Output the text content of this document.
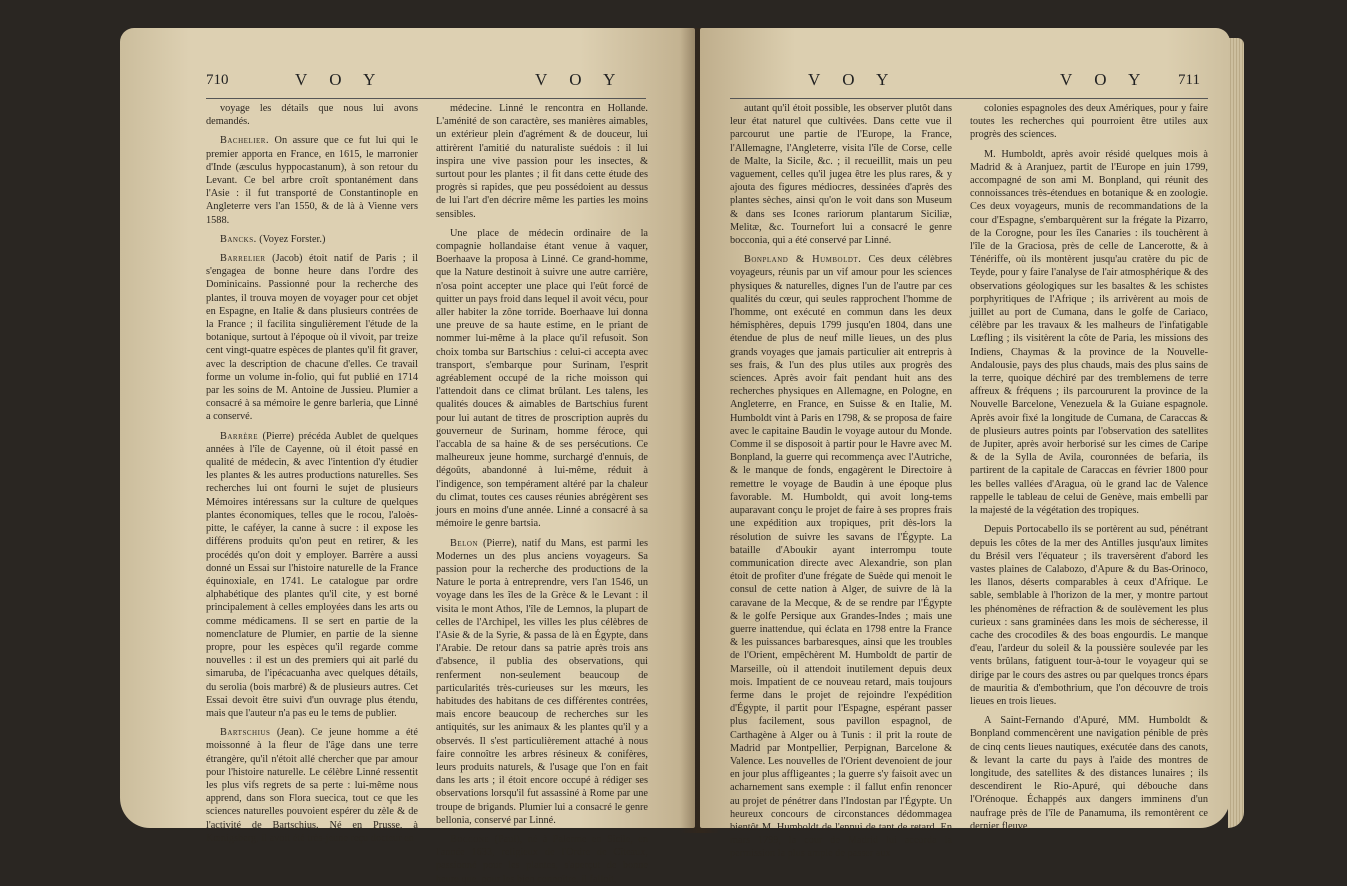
710	V O Y	V O Y

voyage les détails que nous lui avons demandés.

Bachelier. On assure que ce fut lui qui le premier apporta en France, en 1615, le marronier d'Inde (æsculus hyppocastanum), à son retour du Levant. Ce bel arbre croît spontanément dans l'Asie : il fut transporté de Constantinople en Angleterre vers l'an 1550, & de là à Vienne vers 1588.

Bancks. (Voyez Forster.)

Barrelier (Jacob) étoit natif de Paris ; il s'engagea de bonne heure dans l'ordre des Dominicains. Passionné pour la recherche des plantes, il trouva moyen de voyager pour cet objet en Espagne, en Italie & dans plusieurs contrées de la France ; il facilita singulièrement l'étude de la botanique, surtout à l'époque où il vivoit, par treize cent vingt-quatre espèces de plantes qu'il fit graver, avec la description de chacune d'elles. Ce travail forme un volume in-folio, qui fut publié en 1714 par les soins de M. Antoine de Jussieu. Plumier a consacré à sa mémoire le genre barleria, que Linné a conservé.

Barrère (Pierre) précéda Aublet de quelques années à l'île de Cayenne, où il étoit passé en qualité de médecin, & avec l'intention d'y étudier les plantes & les autres productions naturelles. Ses recherches lui ont fourni le sujet de plusieurs Mémoires intéressans sur la culture de quelques plantes économiques, telles que le rocou, l'aloès-pitte, le caféyer, la canne à sucre : il expose les différens produits qu'on peut en retirer, & les procédés qu'on doit y employer. Barrère a aussi donné un Essai sur l'histoire naturelle de la France équinoxiale, en 1741. Le catalogue par ordre alphabétique des plantes qu'il cite, y est borné principalement à celles employées dans les arts ou comme médicamens. Il se sert en partie de la nomenclature de Plumier, en partie de la sienne propre, pour les espèces qu'il regarde comme nouvelles : il est un des premiers qui ait parlé du simaruba, de l'ipécacuanha avec quelques détails, du serolia (bois marbré) & de plusieurs autres. Cet Essai devoit être suivi d'un ouvrage plus étendu, mais que l'auteur n'a pas eu le tems de publier.

Bartschius (Jean). Ce jeune homme a été moissonné à la fleur de l'âge dans une terre étrangère, qu'il n'étoit allé chercher que par amour pour l'histoire naturelle. Le célèbre Linné ressentit les plus vifs regrets de sa perte : lui-même nous apprend, dans son Flora suecica, tout ce que les sciences naturelles pouvoient espérer du zèle & de l'activité de Bartschius. Né en Prusse, à Kœnigsberg, il avoit été très-jeune reçu docteur en

médecine. Linné le rencontra en Hollande. L'aménité de son caractère, ses manières aimables, un extérieur plein d'agrément & de douceur, lui attirèrent l'amitié du naturaliste suédois : il lui inspira une vive passion pour les insectes, & surtout pour les plantes ; il fit dans cette étude des progrès si rapides, que peu possédoient au dessus de lui l'art d'en décrire même les parties les moins sensibles.

Une place de médecin ordinaire de la compagnie hollandaise étant venue à vaquer, Boerhaave la proposa à Linné. Ce grand-homme, que la Nature destinoit à suivre une autre carrière, n'osa point accepter une place qui l'eût forcé de quitter un pays froid dans lequel il avoit vécu, pour aller habiter la zône torride. Boerhaave lui donna une preuve de sa haute estime, en le priant de nommer lui-même à la place qu'il refusoit. Son choix tomba sur Bartschius : celui-ci accepta avec transport, s'embarque pour Surinam, l'esprit agréablement occupé de la riche moisson qui l'attendoit dans ce climat brûlant. Les talens, les qualités douces & aimables de Bartschius furent pour lui autant de titres de proscription auprès du gouverneur de Surinam, homme féroce, qui l'accabla de sa haine & de ses persécutions. Ce malheureux jeune homme, surchargé d'ennuis, de dégoûts, abandonné à lui-même, réduit à l'indigence, son tempérament altéré par la chaleur du climat, toutes ces causes réunies abrégèrent ses jours en moins d'une année. Linné a consacré à sa mémoire le genre bartsia.

Belon (Pierre), natif du Mans, est parmi les Modernes un des plus anciens voyageurs. Sa passion pour la recherche des productions de la Nature le porta à entreprendre, vers l'an 1546, un voyage dans les îles de la Grèce & le Levant : il visita le mont Athos, l'île de Lemnos, la plupart de celles de l'Archipel, les villes les plus célèbres de l'Asie & de la Syrie, & passa de là en Égypte, dans l'Arabie. De retour dans sa patrie après trois ans d'absence, il publia des observations, qui renferment non-seulement beaucoup de particularités très-curieuses sur les mœurs, les habitudes des habitans de ces différentes contrées, mais encore beaucoup de recherches sur les antiquités, sur les animaux & les plantes qu'il y a observés. Il s'est particulièrement attaché à nous faire connoître les arbres résineux & conifères, leurs produits naturels, & l'usage que l'on en fait dans les arts ; il étoit encore occupé à rédiger ses observations lorsqu'il fut assassiné à Rome par une troupe de brigands. Plumier lui a consacré le genre bellonia, conservé par Linné.

Boccone (Paul), né à Palerme en Sicile, en l'année 1633, religieux de l'Ordre de Cîteaux, passionné pour les plantes, s'aperçut de bonne heure que, pour les bien connoître, il falloit,

V O Y	V O Y 711

autant qu'il étoit possible, les observer plutôt dans leur état naturel que cultivées. Dans cette vue il parcourut une partie de l'Europe, la France, l'Allemagne, l'Angleterre, visita l'île de Corse, celle de Malte, la Sicile, &c. ; il recueillit, mais un peu vaguement, celles qu'il jugea être les plus rares, & y ajouta des figures médiocres, dessinées d'après des plantes sèches, ainsi qu'on le voit dans son Museum & dans ses Icones rariorum plantarum Siciliæ, Melitæ, &c. Tournefort lui a consacré le genre bocconia, qui a été conservé par Linné.

Bonpland & Humboldt. Ces deux célèbres voyageurs, réunis par un vif amour pour les sciences physiques & naturelles, dignes l'un de l'autre par ces qualités du cœur, qui seules rapprochent l'homme de l'homme, ont exécuté en commun dans les deux hémisphères, depuis 1799 jusqu'en 1804, dans une étendue de plus de neuf mille lieues, un des plus grands voyages que jamais particulier ait entrepris à ses frais, & l'un des plus utiles aux progrès des sciences. Après avoir fait pendant huit ans des recherches physiques en Allemagne, en Pologne, en Angleterre, en France, en Suisse & en Italie, M. Humboldt vint à Paris en 1798, & se proposa de faire avec le capitaine Baudin le voyage autour du Monde. Comme il se disposoit à partir pour le Havre avec M. Bonpland, la guerre qui recommença avec l'Autriche, & le manque de fonds, engagèrent le Directoire à remettre le voyage de Baudin à une époque plus favorable. M. Humboldt, qui avoit long-tems auparavant conçu le projet de faire à ses propres frais une expédition aux tropiques, prit dès-lors la résolution de suivre les savans de l'Égypte. La bataille d'Aboukir ayant interrompu toute communication directe avec Alexandrie, son plan étoit de profiter d'une frégate de Suède qui menoit le consul de cette nation à Alger, de suivre de là la caravane de la Mecque, & de se rendre par l'Égypte & le golfe Persique aux Grandes-Indes ; mais une guerre inattendue, qui éclata en 1798 entre la France & les puissances barbaresques, ainsi que les troubles de l'Orient, empêchèrent M. Humboldt de partir de Marseille, où il attendoit inutilement depuis deux mois. Impatient de ce nouveau retard, mais toujours ferme dans le projet de rejoindre l'expédition d'Égypte, il partit pour l'Espagne, espérant passer plus facilement, sous pavillon espagnol, de Carthagène à Alger ou à Tunis : il prit la route de Madrid par Montpellier, Perpignan, Barcelone & Valence. Les nouvelles de l'Orient devenoient de jour en jour plus affligeantes ; la guerre s'y faisoit avec un acharnement sans exemple : il fallut enfin renoncer au projet de pénétrer dans l'Indostan par l'Égypte. Un heureux concours de circonstances dédommagea bientôt M. Humboldt de l'ennui de tant de retard. En mars 1799, la cour de Madrid lui accorda la permission la plus ample de passer aux

colonies espagnoles des deux Amériques, pour y faire toutes les recherches qui pourroient être utiles aux progrès des sciences.

M. Humboldt, après avoir résidé quelques mois à Madrid & à Aranjuez, partit de l'Europe en juin 1799, accompagné de son ami M. Bonpland, qui réunit des connoissances très-étendues en botanique & en zoologie. Ces deux voyageurs, munis de recommandations de la cour d'Espagne, s'embarquèrent sur la frégate la Pizarro, de la Corogne, pour les îles Canaries : ils touchèrent à l'île de la Graciosa, près de celle de Lancerotte, & à Ténériffe, où ils montèrent jusqu'au cratère du pic de Teyde, pour y faire l'analyse de l'air atmosphérique & des observations géologiques sur les basaltes & les schistes porphyritiques de l'Afrique ; ils arrivèrent au mois de juillet au port de Cumana, dans le golfe de Cariaco, célèbre par les travaux & les malheurs de l'infatigable Lœfling ; ils visitèrent la côte de Paria, les missions des Indiens, Chaymas & la province de la Nouvelle-Andalousie, pays des plus chauds, mais des plus sains de la terre, quoique déchiré par des tremblemens de terre affreux & fréquens ; ils parcoururent la province de la Nouvelle Barcelone, Venezuela & la Guiane espagnole. Après avoir fixé la longitude de Cumana, de Caraccas & de plusieurs autres points par l'observation des satellites de Jupiter, après avoir herborisé sur les cimes de Caripe & de la Sylla de Avila, couronnées de befaria, ils partirent de la capitale de Caraccas en février 1800 pour les belles vallées d'Aragua, où le grand lac de Valence rappelle le tableau de celui de Genève, mais embelli par la majesté de la végétation des tropiques.

Depuis Portocabello ils se portèrent au sud, pénétrant depuis les côtes de la mer des Antilles jusqu'aux limites du Brésil vers l'équateur ; ils traversèrent d'abord les vastes plaines de Calabozo, d'Apure & du Bas-Orinoco, les llanos, déserts comparables à ceux d'Afrique. Le sable, semblable à l'horizon de la mer, y montre partout les phénomènes de réfraction & de soulèvement les plus curieux : sans graminées dans les mois de sécheresse, il cache des crocodiles & des boas engourdis. Le manque d'eau, l'ardeur du soleil & la poussière soulevée par les vents brûlans, fatiguent tour-à-tour le voyageur qui se dirige par le cours des astres ou par quelques troncs épars de mauritia & d'embothrium, que l'on découvre de trois lieues en trois lieues.

A Saint-Fernando d'Apuré, MM. Humboldt & Bonpland commencèrent une navigation pénible de près de cinq cents lieues nautiques, exécutée dans des canots, & levant la carte du pays à l'aide des montres de longitude, des satellites & des distances lunaires ; ils descendirent le Rio-Apuré, qui débouche dans l'Orénoque. Échappés aux dangers imminens d'un naufrage près de l'île de Panamuma, ils remontèrent ce dernier fleuve
